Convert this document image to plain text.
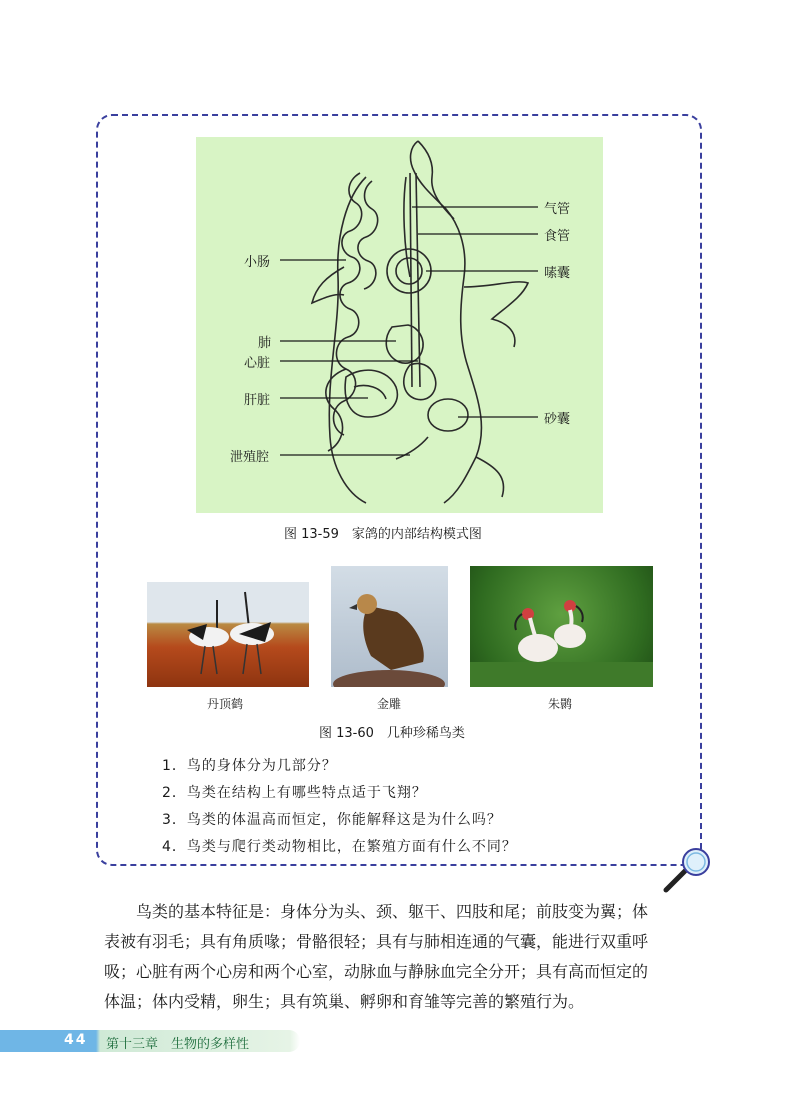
小肠
肺
心脏
肝脏
泄殖腔
气管
食管
嗉囊
砂囊
图 13-59　家鸽的内部结构模式图
丹顶鹤	金雕	朱鹮
图 13-60　几种珍稀鸟类
1．鸟的身体分为几部分？
2．鸟类在结构上有哪些特点适于飞翔？
3．鸟类的体温高而恒定，你能解释这是为什么吗？
4．鸟类与爬行类动物相比，在繁殖方面有什么不同？
　　鸟类的基本特征是：身体分为头、颈、躯干、四肢和尾；前肢变为翼；体
表被有羽毛；具有角质喙；骨骼很轻；具有与肺相连通的气囊，能进行双重呼
吸；心脏有两个心房和两个心室，动脉血与静脉血完全分开；具有高而恒定的
体温；体内受精，卵生；具有筑巢、孵卵和育雏等完善的繁殖行为。
44 第十三章　生物的多样性
